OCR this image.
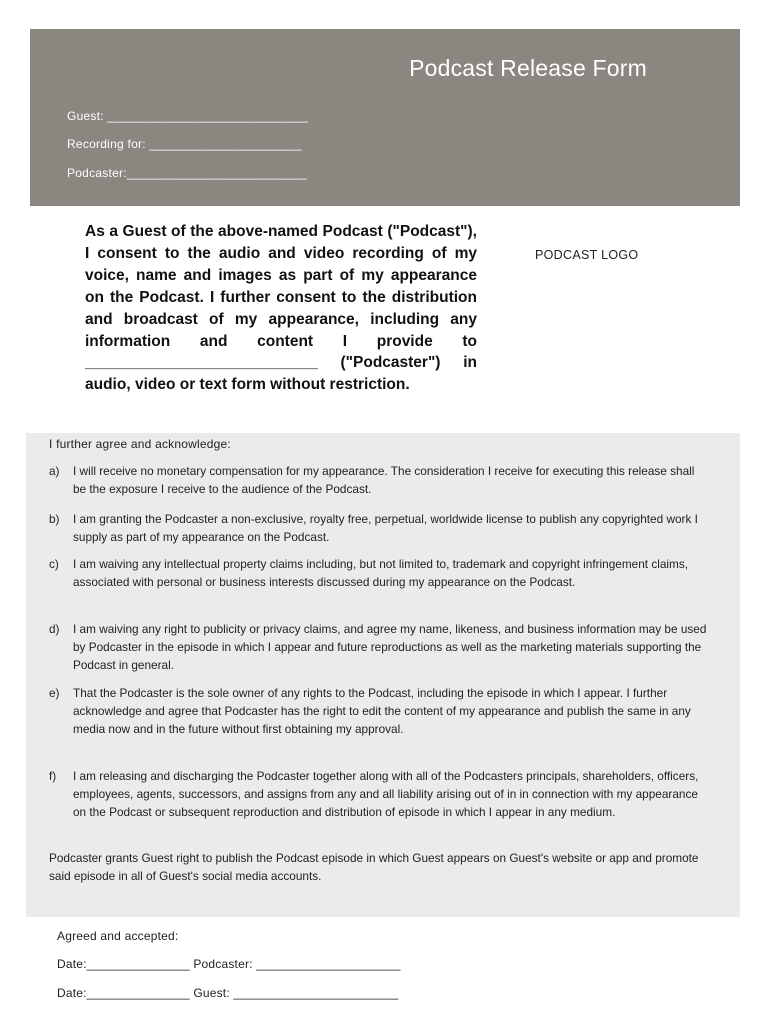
Podcast Release Form
Guest: _____________________________
Recording for: ______________________
Podcaster:__________________________
As a Guest of the above-named Podcast ("Podcast"), I consent to the audio and video recording of my voice, name and images as part of my appearance on the Podcast. I further consent to the distribution and broadcast of my appearance, including any information and content I provide to ___________________________ ("Podcaster") in audio, video or text form without restriction.
PODCAST LOGO
I further agree and acknowledge:
a) I will receive no monetary compensation for my appearance. The consideration I receive for executing this release shall be the exposure I receive to the audience of the Podcast.
b) I am granting the Podcaster a non-exclusive, royalty free, perpetual, worldwide license to publish any copyrighted work I supply as part of my appearance on the Podcast.
c) I am waiving any intellectual property claims including, but not limited to, trademark and copyright infringement claims, associated with personal or business interests discussed during my appearance on the Podcast.
d) I am waiving any right to publicity or privacy claims, and agree my name, likeness, and business information may be used by Podcaster in the episode in which I appear and future reproductions as well as the marketing materials supporting the Podcast in general.
e) That the Podcaster is the sole owner of any rights to the Podcast, including the episode in which I appear. I further acknowledge and agree that Podcaster has the right to edit the content of my appearance and publish the same in any media now and in the future without first obtaining my approval.
f) I am releasing and discharging the Podcaster together along with all of the Podcasters principals, shareholders, officers, employees, agents, successors, and assigns from any and all liability arising out of in in connection with my appearance on the Podcast or subsequent reproduction and distribution of episode in which I appear in any medium.
Podcaster grants Guest right to publish the Podcast episode in which Guest appears on Guest's website or app and promote said episode in all of Guest's social media accounts.
Agreed and accepted:
Date:_______________ Podcaster: _____________________
Date:_______________ Guest: ________________________
